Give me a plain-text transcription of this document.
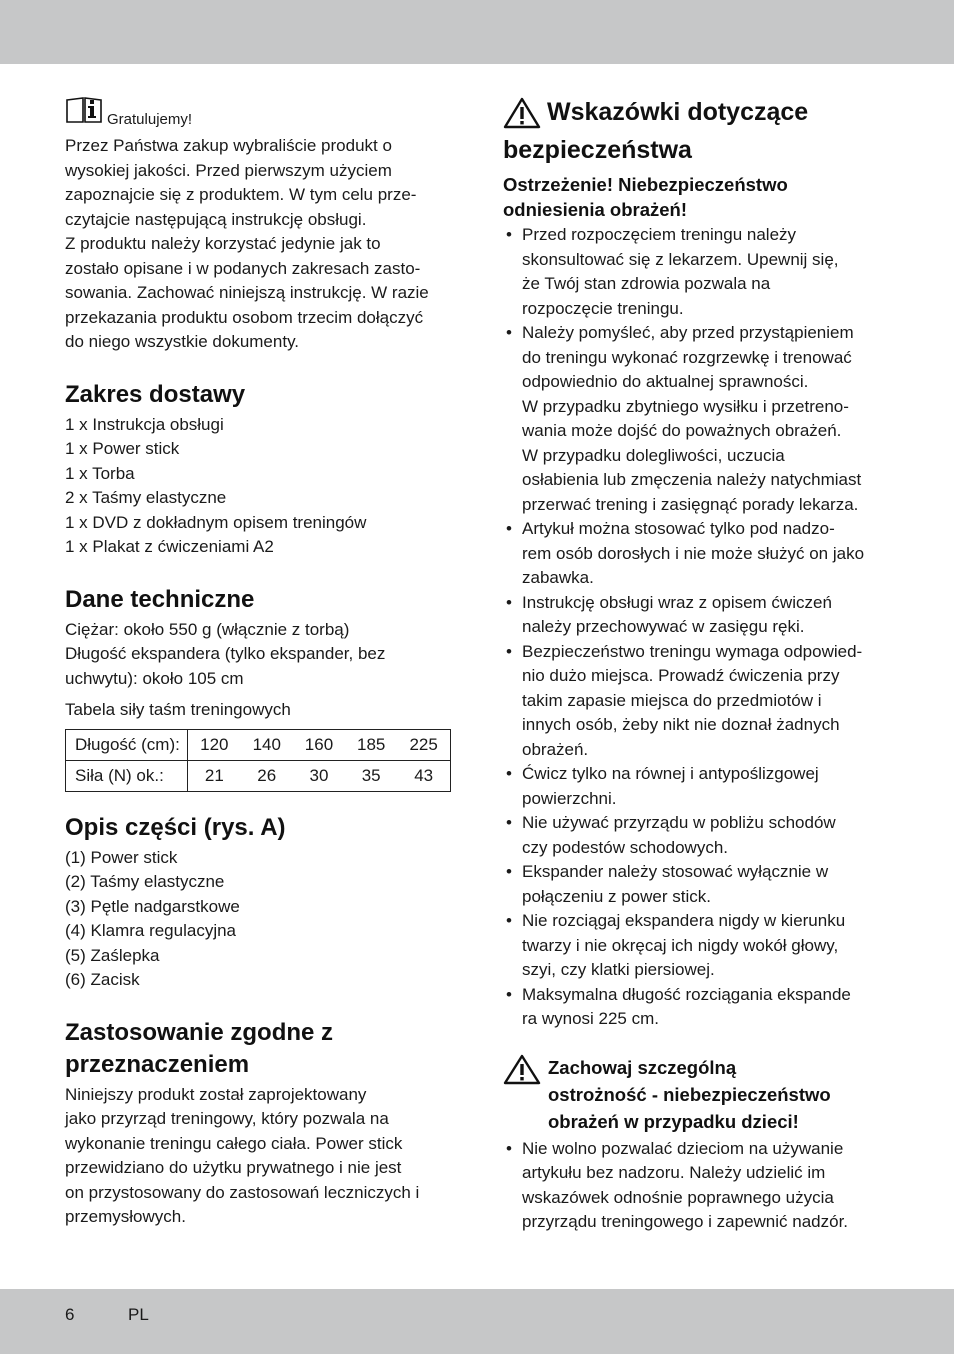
Gratulujemy!
Przez Państwa zakup wybraliście produkt o
wysokiej jakości. Przed pierwszym użyciem
zapoznajcie się z produktem. W tym celu prze-
czytajcie następującą instrukcję obsługi.
Z produktu należy korzystać jedynie jak to
zostało opisane i w podanych zakresach zasto-
sowania. Zachować niniejszą instrukcję. W razie
przekazania produktu osobom trzecim dołączyć
do niego wszystkie dokumenty.
Zakres dostawy
1 x Instrukcja obsługi
1 x Power stick
1 x Torba
2 x Taśmy elastyczne
1 x DVD z dokładnym opisem treningów
1 x Plakat z ćwiczeniami A2
Dane techniczne
Ciężar: około 550 g (włącznie z torbą)
Długość ekspandera (tylko ekspander, bez
uchwytu): około 105 cm
Tabela siły taśm treningowych
Długość (cm):	120	140	160	185	225
Siła (N) ok.:	21	26	30	35	43
Opis części (rys. A)
(1) Power stick
(2) Taśmy elastyczne
(3) Pętle nadgarstkowe
(4) Klamra regulacyjna
(5) Zaślepka
(6) Zacisk
Zastosowanie zgodne z
przeznaczeniem
Niniejszy produkt został zaprojektowany
jako przyrząd treningowy, który pozwala na
wykonanie treningu całego ciała. Power stick
przewidziano do użytku prywatnego i nie jest
on przystosowany do zastosowań leczniczych i
przemysłowych.
Wskazówki dotyczące
bezpieczeństwa
Ostrzeżenie! Niebezpieczeństwo
odniesienia obrażeń!
• Przed rozpoczęciem treningu należy
skonsultować się z lekarzem. Upewnij się,
że Twój stan zdrowia pozwala na
rozpoczęcie treningu.
• Należy pomyśleć, aby przed przystąpieniem
do treningu wykonać rozgrzewkę i trenować
odpowiednio do aktualnej sprawności.
W przypadku zbytniego wysiłku i przetreno-
wania może dojść do poważnych obrażeń.
W przypadku dolegliwości, uczucia
osłabienia lub zmęczenia należy natychmiast
przerwać trening i zasięgnąć porady lekarza.
• Artykuł można stosować tylko pod nadzo-
rem osób dorosłych i nie może służyć on jako
zabawka.
• Instrukcję obsługi wraz z opisem ćwiczeń
należy przechowywać w zasięgu ręki.
• Bezpieczeństwo treningu wymaga odpowied-
nio dużo miejsca. Prowadź ćwiczenia przy
takim zapasie miejsca do przedmiotów i
innych osób, żeby nikt nie doznał żadnych
obrażeń.
• Ćwicz tylko na równej i antypoślizgowej
powierzchni.
• Nie używać przyrządu w pobliżu schodów
czy podestów schodowych.
• Ekspander należy stosować wyłącznie w
połączeniu z power stick.
• Nie rozciągaj ekspandera nigdy w kierunku
twarzy i nie okręcaj ich nigdy wokół głowy,
szyi, czy klatki piersiowej.
• Maksymalna długość rozciągania ekspande
ra wynosi 225 cm.
Zachowaj szczególną
ostrożność - niebezpieczeństwo
obrażeń w przypadku dzieci!
• Nie wolno pozwalać dzieciom na używanie
artykułu bez nadzoru. Należy udzielić im
wskazówek odnośnie poprawnego użycia
przyrządu treningowego i zapewnić nadzór.
6	PL
